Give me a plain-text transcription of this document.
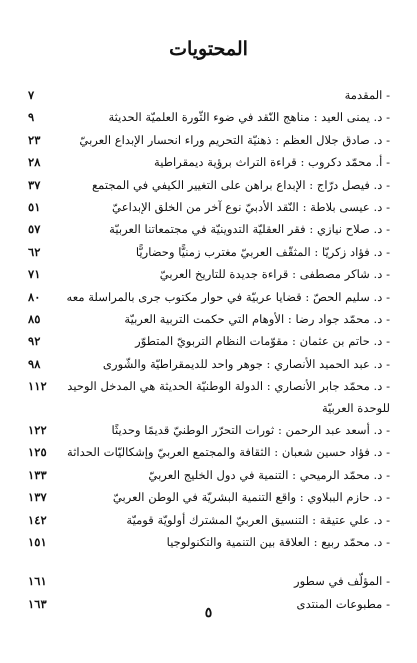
المحتويات
- المقدمة
٧
- د. يمنى العيد : مناهج النّقد في ضوء الثّورة العلميّة الحديثة
٩
- د. صادق جلال العظم : ذهنيّة التحريم وراء انحسار الإبداع العربيّ
٢٣
- أ. محمّد دكروب : قراءة التراث برؤية ديمقراطية
٢٨
- د. فيصل درّاج : الإبداع براهن على التغيير الكيفي في المجتمع
٣٧
- د. عيسى بلاطة : النّقد الأدبيّ نوع آخر من الخلق الإبداعيّ
٥١
- د. صلاح نيازي : فقر العقليّة التدوينيّة في مجتمعاتنا العربيّة
٥٧
- د. فؤاد زكريّا : المثقّف العربيّ مغترب زمنيًّا وحضاريًّا
٦٢
- د. شاكر مصطفى : قراءة جديدة للتاريخ العربيّ
٧١
- د. سليم الحصّ : قضايا عربيّة في حوار مكتوب جرى بالمراسلة معه
٨٠
- د. محمّد جواد رضا : الأوهام التي حكمت التربية العربيّة
٨٥
- د. حاتم بن عثمان : مقوّمات النظام التربويّ المتطوّر
٩٢
- د. عبد الحميد الأنصاري : جوهر واحد للديمقراطيّة والشّورى
٩٨
- د. محمّد جابر الأنصاري : الدولة الوطنيّة الحديثة هي المدخل الوحيد للوحدة العربيّة
١١٢
- د. أسعد عبد الرحمن : ثورات التحرّر الوطنيّ قديمًا وحديثًا
١٢٢
- د. فؤاد حسين شعبان : الثقافة والمجتمع العربيّ وإشكاليّات الحداثة
١٢٥
- د. محمّد الرميحي : التنمية في دول الخليج العربيّ
١٣٣
- د. حازم الببلاوي : واقع التنمية البشريّة في الوطن العربيّ
١٣٧
- د. علي عتيقة : التنسيق العربيّ المشترك أولويّة قوميّة
١٤٢
- د. محمّد ربيع : العلاقة بين التنمية والتكنولوجيا
١٥١
- المؤلّف في سطور
١٦١
- مطبوعات المنتدى
١٦٣
٥
